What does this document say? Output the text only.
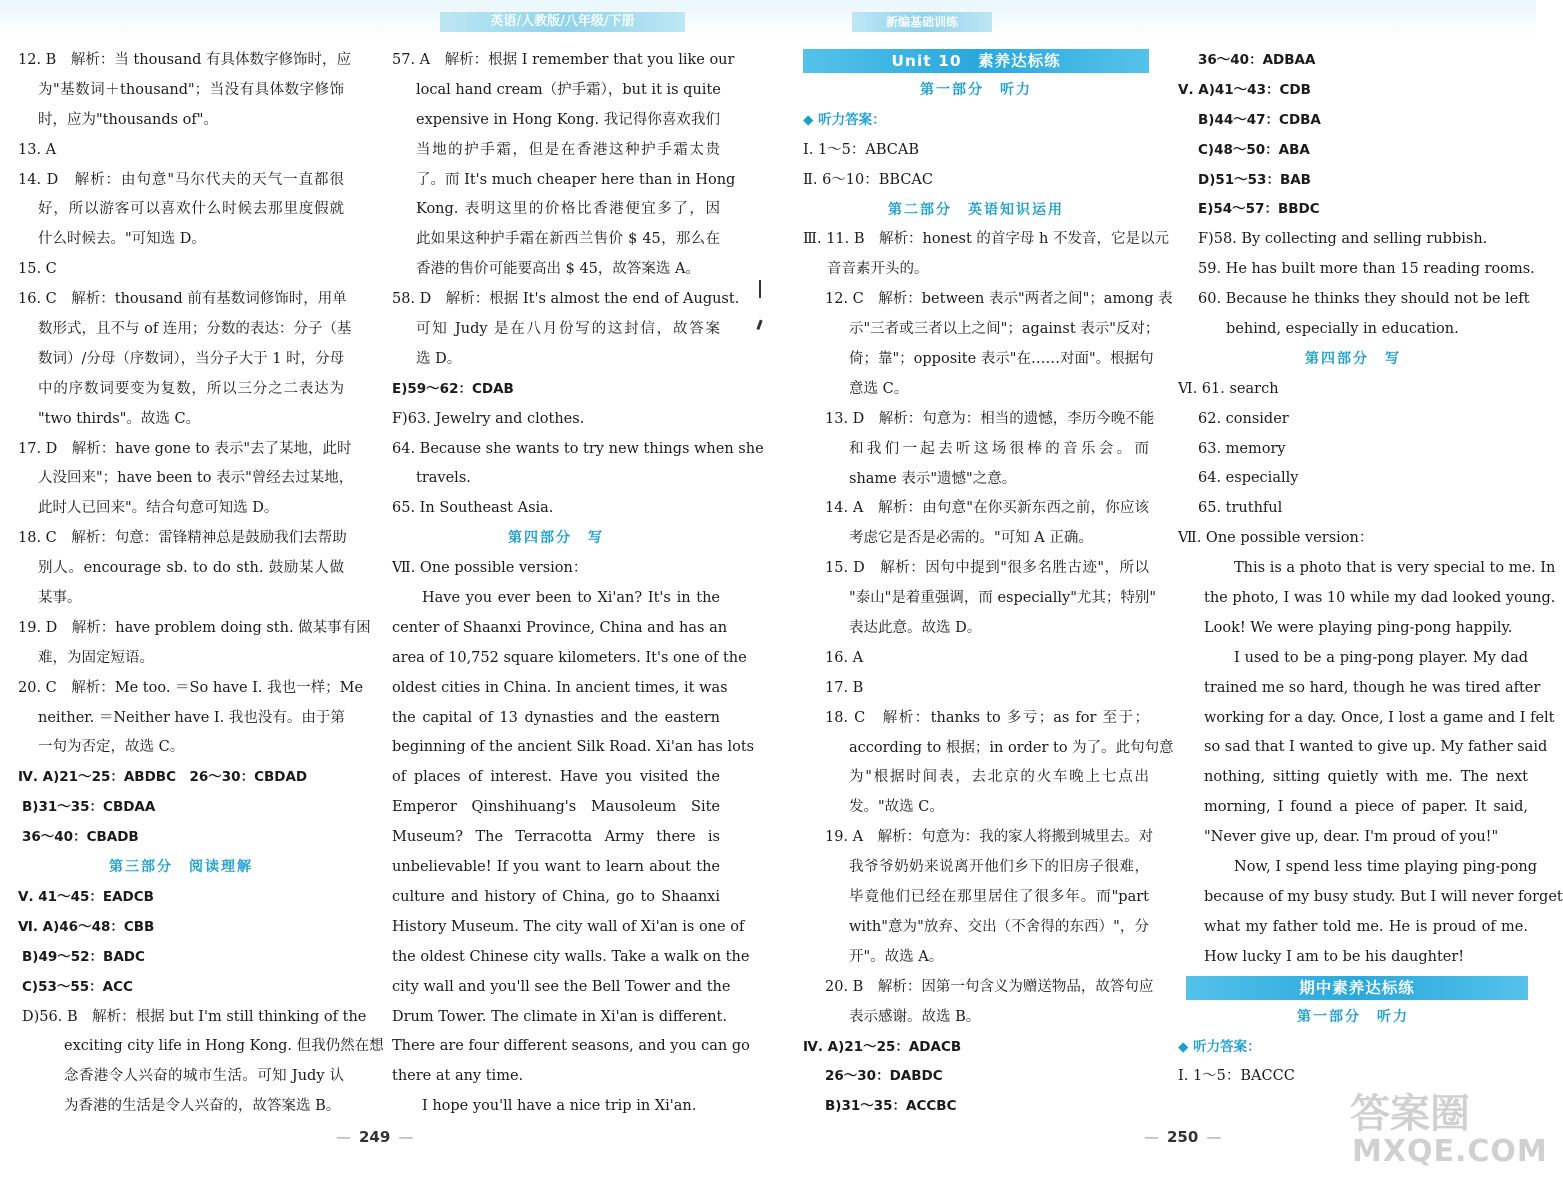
英语/人教版/八年级/下册	新编基础训练
12. B　解析：当 thousand 有具体数字修饰时，应
为"基数词＋thousand"；当没有具体数字修饰
时，应为"thousands of"。
13. A
14. D　解析：由句意"马尔代夫的天气一直都很
好，所以游客可以喜欢什么时候去那里度假就
什么时候去。"可知选 D。
15. C
16. C　解析：thousand 前有基数词修饰时，用单
数形式，且不与 of 连用；分数的表达：分子（基
数词）/分母（序数词），当分子大于 1 时，分母
中的序数词要变为复数，所以三分之二表达为
"two thirds"。故选 C。
17. D　解析：have gone to 表示"去了某地，此时
人没回来"；have been to 表示"曾经去过某地，
此时人已回来"。结合句意可知选 D。
18. C　解析：句意：雷锋精神总是鼓励我们去帮助
别人。encourage sb. to do sth. 鼓励某人做
某事。
19. D　解析：have problem doing sth. 做某事有困
难，为固定短语。
20. C　解析：Me too. ＝So have I. 我也一样；Me
neither. ＝Neither have I. 我也没有。由于第
一句为否定，故选 C。
Ⅳ. A)21～25：ABDBC　26～30：CBDAD
B)31～35：CBDAA
36～40：CBADB
第三部分　阅读理解
Ⅴ. 41～45：EADCB
Ⅵ. A)46～48：CBB
B)49～52：BADC
C)53～55：ACC
D)56. B　解析：根据 but I'm still thinking of the
exciting city life in Hong Kong. 但我仍然在想
念香港令人兴奋的城市生活。可知 Judy 认
为香港的生活是令人兴奋的，故答案选 B。
57. A　解析：根据 I remember that you like our
local hand cream（护手霜），but it is quite
expensive in Hong Kong. 我记得你喜欢我们
当地的护手霜，但是在香港这种护手霜太贵
了。而 It's much cheaper here than in Hong
Kong. 表明这里的价格比香港便宜多了，因
此如果这种护手霜在新西兰售价 $ 45，那么在
香港的售价可能要高出 $ 45，故答案选 A。
58. D　解析：根据 It's almost the end of August.
可知 Judy 是在八月份写的这封信，故答案
选 D。
E)59～62：CDAB
F)63. Jewelry and clothes.
64. Because she wants to try new things when she
travels.
65. In Southeast Asia.
第四部分　写
Ⅶ. One possible version：
Have you ever been to Xi'an? It's in the
center of Shaanxi Province, China and has an
area of 10,752 square kilometers. It's one of the
oldest cities in China. In ancient times, it was
the capital of 13 dynasties and the eastern
beginning of the ancient Silk Road. Xi'an has lots
of places of interest. Have you visited the
Emperor Qinshihuang's Mausoleum Site
Museum? The Terracotta Army there is
unbelievable! If you want to learn about the
culture and history of China, go to Shaanxi
History Museum. The city wall of Xi'an is one of
the oldest Chinese city walls. Take a walk on the
city wall and you'll see the Bell Tower and the
Drum Tower. The climate in Xi'an is different.
There are four different seasons, and you can go
there at any time.
I hope you'll have a nice trip in Xi'an.
Unit 10　素养达标练
第一部分　听力
◆ 听力答案：
Ⅰ. 1～5：ABCAB
Ⅱ. 6～10：BBCAC
第二部分　英语知识运用
Ⅲ. 11. B　解析：honest 的首字母 h 不发音，它是以元
音音素开头的。
12. C　解析：between 表示"两者之间"；among 表
示"三者或三者以上之间"；against 表示"反对；
倚；靠"；opposite 表示"在……对面"。根据句
意选 C。
13. D　解析：句意为：相当的遗憾，李历今晚不能
和我们一起去听这场很棒的音乐会。而
shame 表示"遗憾"之意。
14. A　解析：由句意"在你买新东西之前，你应该
考虑它是否是必需的。"可知 A 正确。
15. D　解析：因句中提到"很多名胜古迹"，所以
"泰山"是着重强调，而 especially"尤其；特别"
表达此意。故选 D。
16. A
17. B
18. C　解析：thanks to 多亏；as for 至于；
according to 根据；in order to 为了。此句句意
为"根据时间表，去北京的火车晚上七点出
发。"故选 C。
19. A　解析：句意为：我的家人将搬到城里去。对
我爷爷奶奶来说离开他们乡下的旧房子很难，
毕竟他们已经在那里居住了很多年。而"part
with"意为"放弃、交出（不舍得的东西）"，分
开"。故选 A。
20. B　解析：因第一句含义为赠送物品，故答句应
表示感谢。故选 B。
Ⅳ. A)21～25：ADACB
26～30：DABDC
B)31～35：ACCBC
36～40：ADBAA
Ⅴ. A)41～43：CDB
B)44～47：CDBA
C)48～50：ABA
D)51～53：BAB
E)54～57：BBDC
F)58. By collecting and selling rubbish.
59. He has built more than 15 reading rooms.
60. Because he thinks they should not be left
behind, especially in education.
第四部分　写
Ⅵ. 61. search
62. consider
63. memory
64. especially
65. truthful
Ⅶ. One possible version：
This is a photo that is very special to me. In
the photo, I was 10 while my dad looked young.
Look! We were playing ping-pong happily.
I used to be a ping-pong player. My dad
trained me so hard, though he was tired after
working for a day. Once, I lost a game and I felt
so sad that I wanted to give up. My father said
nothing, sitting quietly with me. The next
morning, I found a piece of paper. It said,
"Never give up, dear. I'm proud of you!"
Now, I spend less time playing ping-pong
because of my busy study. But I will never forget
what my father told me. He is proud of me.
How lucky I am to be his daughter!
期中素养达标练
第一部分　听力
◆ 听力答案：
Ⅰ. 1～5：BACCC
— 249 —	— 250 —	答案圈
MXQE.COM
